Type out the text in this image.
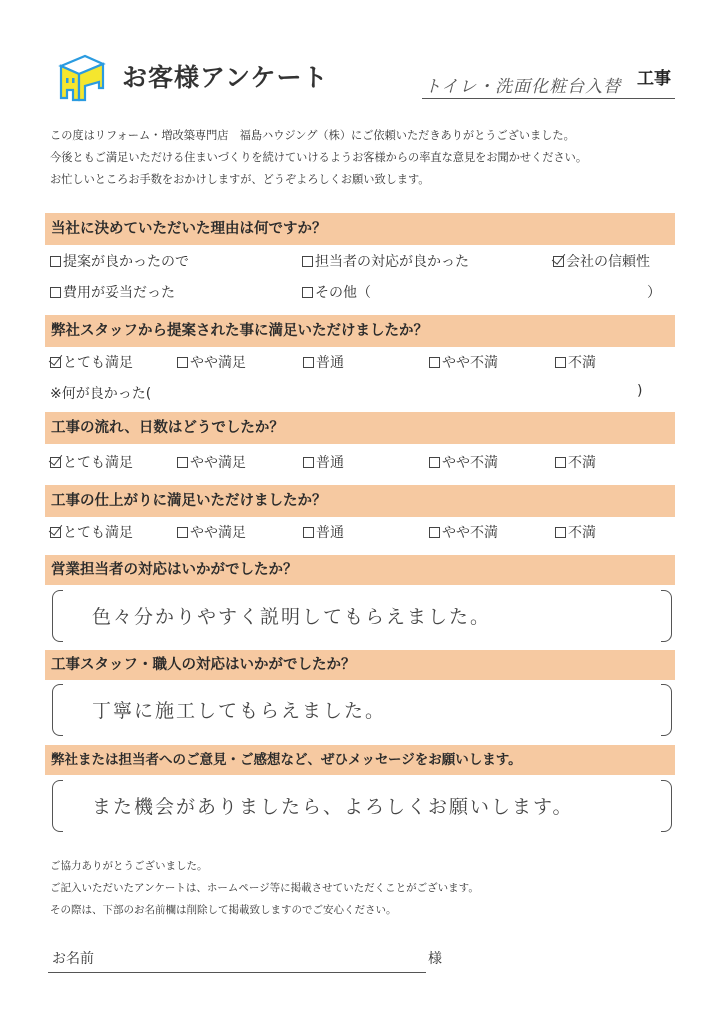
お客様アンケート	トイレ・洗面化粧台入替 工事
この度はリフォーム・増改築専門店　福島ハウジング（株）にご依頼いただきありがとうございました。
今後ともご満足いただける住まいづくりを続けていけるようお客様からの率直な意見をお聞かせください。
お忙しいところお手数をおかけしますが、どうぞよろしくお願い致します。
当社に決めていただいた理由は何ですか？
提案が良かったので	担当者の対応が良かった	会社の信頼性
費用が妥当だった	その他（	）
弊社スタッフから提案された事に満足いただけましたか？
とても満足	やや満足	普通	やや不満	不満
※何が良かった(	)
工事の流れ、日数はどうでしたか？
とても満足	やや満足	普通	やや不満	不満
工事の仕上がりに満足いただけましたか？
とても満足	やや満足	普通	やや不満	不満
営業担当者の対応はいかがでしたか？
色々分かりやすく説明してもらえました。
工事スタッフ・職人の対応はいかがでしたか？
丁寧に施工してもらえました。
弊社または担当者へのご意見・ご感想など、ぜひメッセージをお願いします。
また機会がありましたら、よろしくお願いします。
ご協力ありがとうございました。
ご記入いただいたアンケートは、ホームページ等に掲載させていただくことがございます。
その際は、下部のお名前欄は削除して掲載致しますのでご安心ください。
お名前	様
